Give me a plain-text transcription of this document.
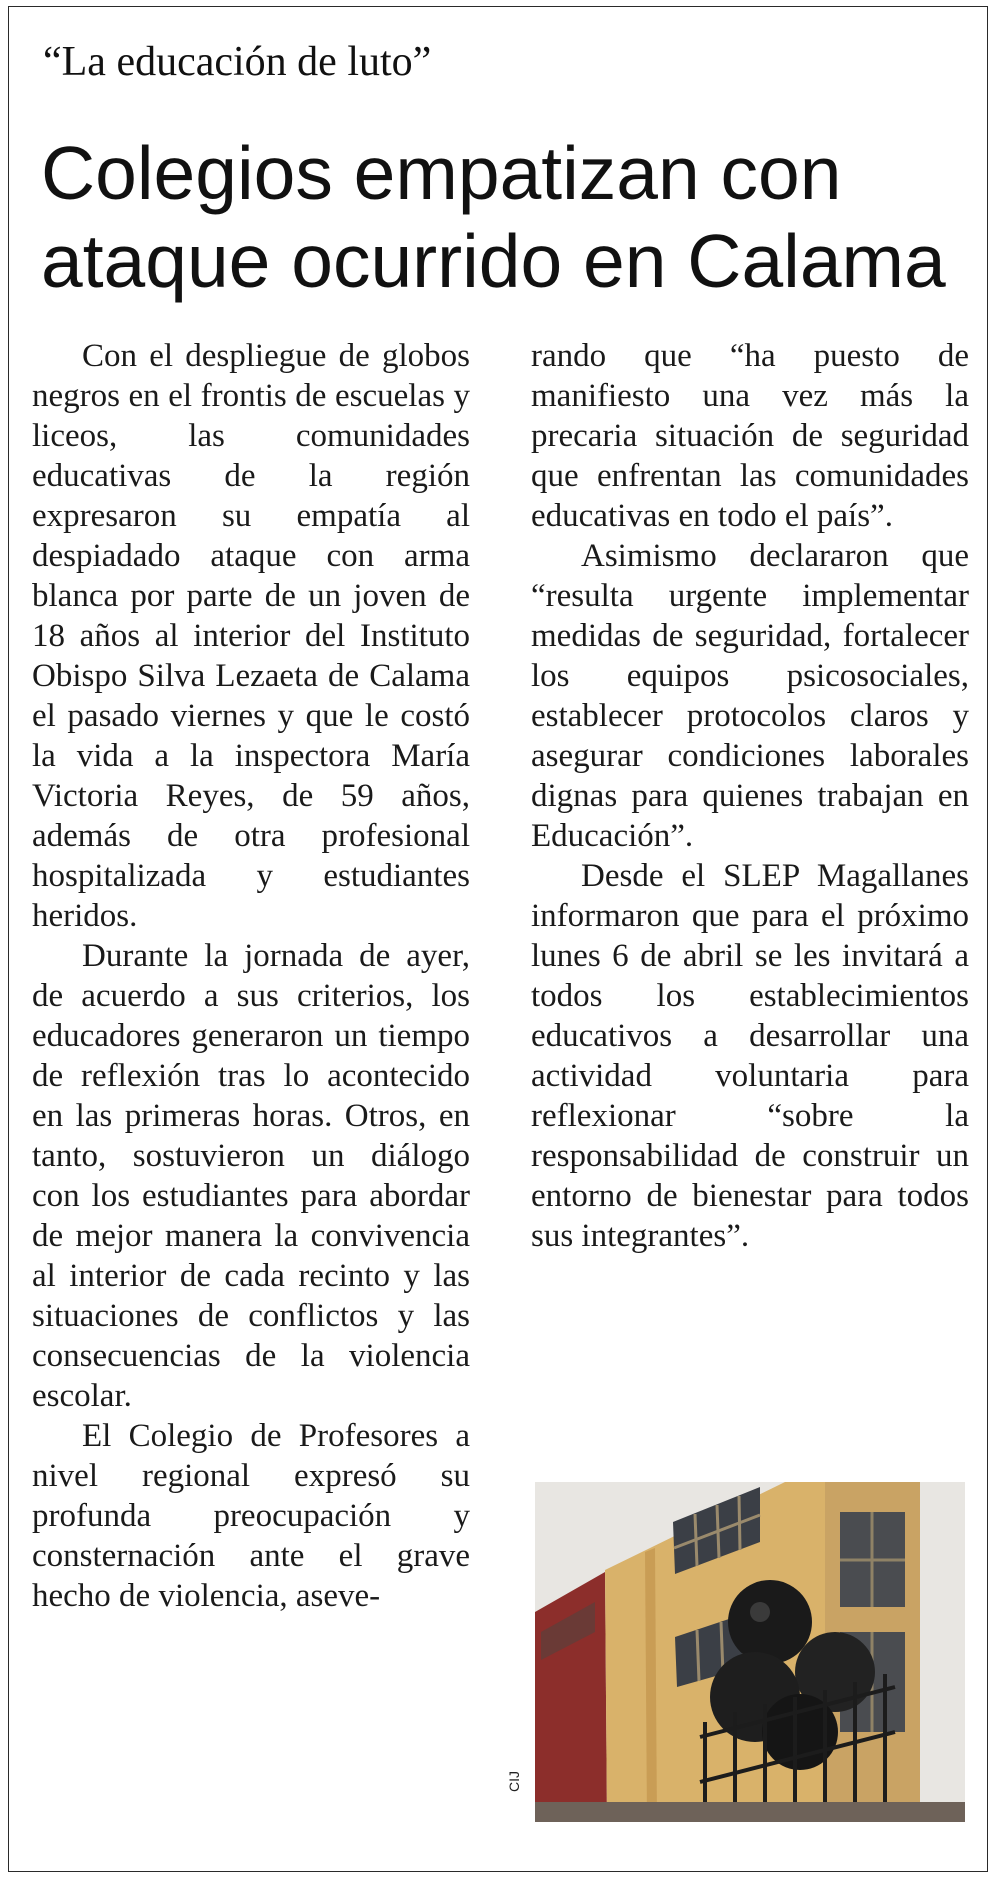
“La educación de luto”
Colegios empatizan con ataque ocurrido en Calama

Con el despliegue de globos negros en el frontis de escuelas y liceos, las comunidades educativas de la región expresaron su empatía al despiadado ataque con arma blanca por parte de un joven de 18 años al interior del Instituto Obispo Silva Lezaeta de Calama el pasado viernes y que le costó la vida a la inspectora María Victoria Reyes, de 59 años, además de otra profesional hospitalizada y estudiantes heridos.

Durante la jornada de ayer, de acuerdo a sus criterios, los educadores generaron un tiempo de reflexión tras lo acontecido en las primeras horas. Otros, en tanto, sostuvieron un diálogo con los estudiantes para abordar de mejor manera la convivencia al interior de cada recinto y las situaciones de conflictos y las consecuencias de la violencia escolar.

El Colegio de Profesores a nivel regional expresó su profunda preocupación y consternación ante el grave hecho de violencia, aseve-

rando que “ha puesto de manifiesto una vez más la precaria situación de seguridad que enfrentan las comunidades educativas en todo el país”.

Asimismo declararon que “resulta urgente implementar medidas de seguridad, fortalecer los equipos psicosociales, establecer protocolos claros y asegurar condiciones laborales dignas para quienes trabajan en Educación”.

Desde el SLEP Magallanes informaron que para el próximo lunes 6 de abril se les invitará a todos los establecimientos educativos a desarrollar una actividad voluntaria para reflexionar “sobre la responsabilidad de construir un entorno de bienestar para todos sus integrantes”.

CIJ
